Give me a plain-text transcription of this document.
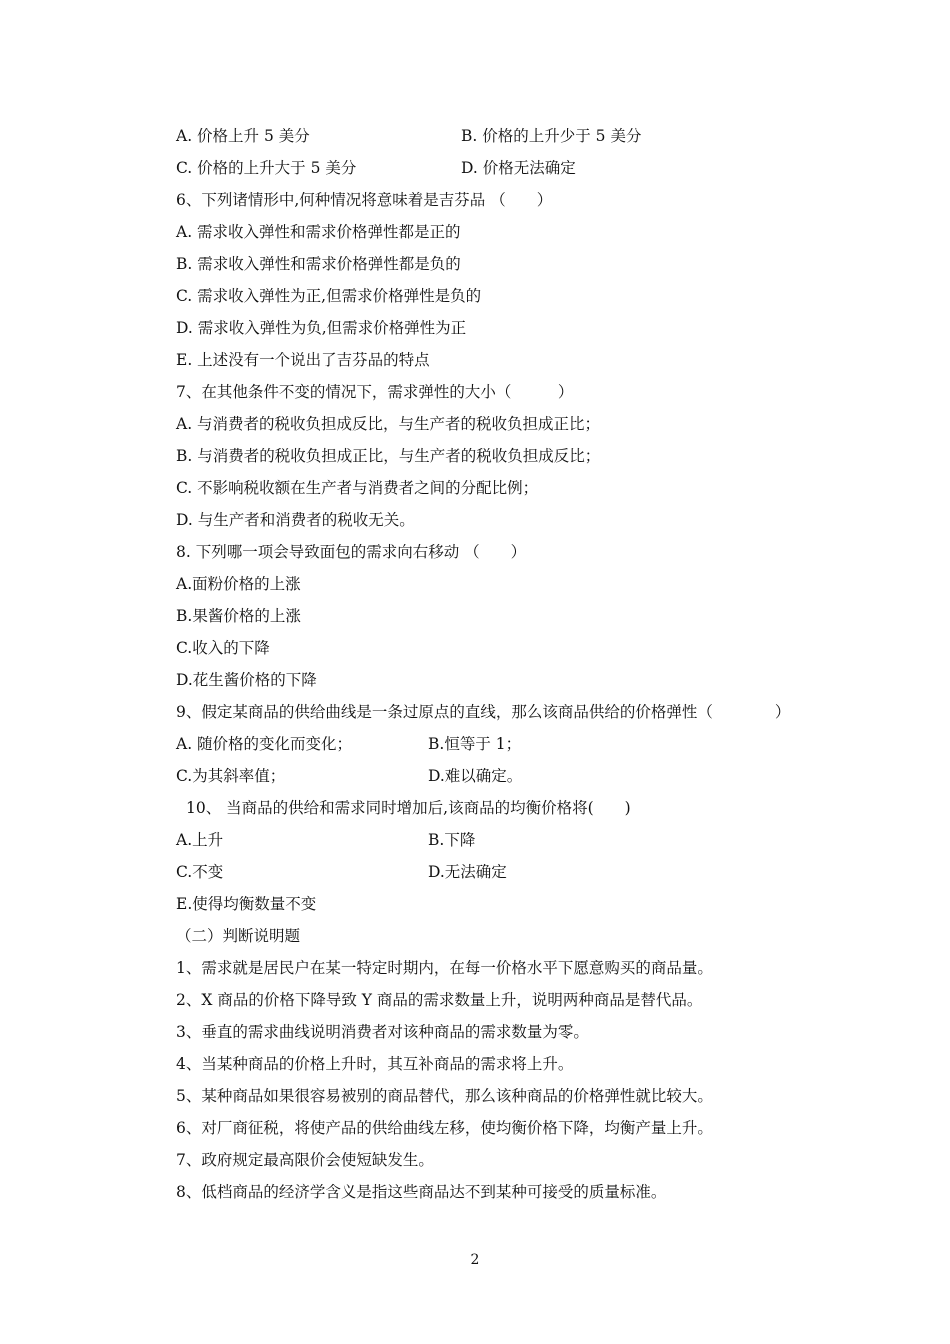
A. 价格上升 5 美分	B. 价格的上升少于 5 美分
C. 价格的上升大于 5 美分	D. 价格无法确定
6、下列诸情形中,何种情况将意味着是吉芬品 （　　）
A. 需求收入弹性和需求价格弹性都是正的
B. 需求收入弹性和需求价格弹性都是负的
C. 需求收入弹性为正,但需求价格弹性是负的
D. 需求收入弹性为负,但需求价格弹性为正
E. 上述没有一个说出了吉芬品的特点
7、在其他条件不变的情况下，需求弹性的大小（　　　）
A. 与消费者的税收负担成反比，与生产者的税收负担成正比；
B. 与消费者的税收负担成正比，与生产者的税收负担成反比；
C. 不影响税收额在生产者与消费者之间的分配比例；
D. 与生产者和消费者的税收无关。
8. 下列哪一项会导致面包的需求向右移动 （　　）
A.面粉价格的上涨
B.果酱价格的上涨
C.收入的下降
D.花生酱价格的下降
9、假定某商品的供给曲线是一条过原点的直线，那么该商品供给的价格弹性（　　　　）
A. 随价格的变化而变化；	B.恒等于 1；
C.为其斜率值；	D.难以确定。
10、 当商品的供给和需求同时增加后,该商品的均衡价格将(　　)
A.上升	B.下降
C.不变	D.无法确定
E.使得均衡数量不变
（二）判断说明题
1、需求就是居民户在某一特定时期内，在每一价格水平下愿意购买的商品量。
2、X 商品的价格下降导致 Y 商品的需求数量上升，说明两种商品是替代品。
3、垂直的需求曲线说明消费者对该种商品的需求数量为零。
4、当某种商品的价格上升时，其互补商品的需求将上升。
5、某种商品如果很容易被别的商品替代，那么该种商品的价格弹性就比较大。
6、对厂商征税，将使产品的供给曲线左移，使均衡价格下降，均衡产量上升。
7、政府规定最高限价会使短缺发生。
8、低档商品的经济学含义是指这些商品达不到某种可接受的质量标准。
2
